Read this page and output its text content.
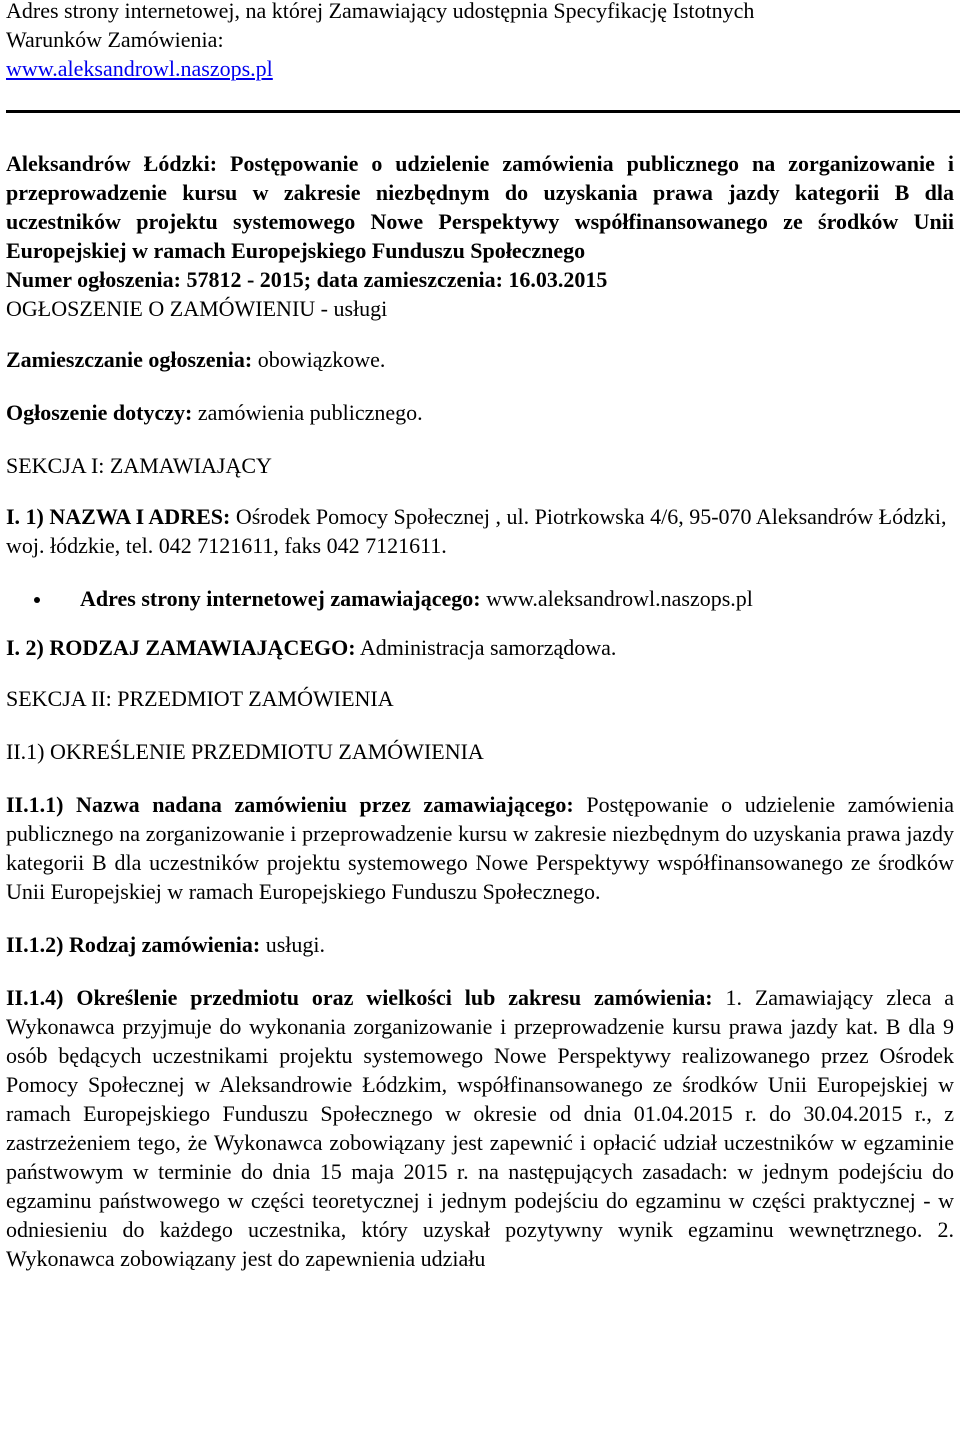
Adres strony internetowej, na której Zamawiający udostępnia Specyfikację Istotnych

Warunków Zamówienia:

www.aleksandrowl.naszops.pl

Aleksandrów Łódzki: Postępowanie o udzielenie zamówienia publicznego na zorganizowanie i przeprowadzenie kursu w zakresie niezbędnym do uzyskania prawa jazdy kategorii B dla uczestników projektu systemowego Nowe Perspektywy współfinansowanego ze środków Unii Europejskiej w ramach Europejskiego Funduszu Społecznego

Numer ogłoszenia: 57812 - 2015; data zamieszczenia: 16.03.2015

OGŁOSZENIE O ZAMÓWIENIU - usługi

Zamieszczanie ogłoszenia: obowiązkowe.

Ogłoszenie dotyczy: zamówienia publicznego.

SEKCJA I: ZAMAWIAJĄCY

I. 1) NAZWA I ADRES: Ośrodek Pomocy Społecznej , ul. Piotrkowska 4/6, 95-070 Aleksandrów Łódzki, woj. łódzkie, tel. 042 7121611, faks 042 7121611.

Adres strony internetowej zamawiającego: www.aleksandrowl.naszops.pl

I. 2) RODZAJ ZAMAWIAJĄCEGO: Administracja samorządowa.

SEKCJA II: PRZEDMIOT ZAMÓWIENIA

II.1) OKREŚLENIE PRZEDMIOTU ZAMÓWIENIA

II.1.1) Nazwa nadana zamówieniu przez zamawiającego: Postępowanie o udzielenie zamówienia publicznego na zorganizowanie i przeprowadzenie kursu w zakresie niezbędnym do uzyskania prawa jazdy kategorii B dla uczestników projektu systemowego Nowe Perspektywy współfinansowanego ze środków Unii Europejskiej w ramach Europejskiego Funduszu Społecznego.

II.1.2) Rodzaj zamówienia: usługi.

II.1.4) Określenie przedmiotu oraz wielkości lub zakresu zamówienia: 1. Zamawiający zleca a Wykonawca przyjmuje do wykonania zorganizowanie i przeprowadzenie kursu prawa jazdy kat. B dla 9 osób będących uczestnikami projektu systemowego Nowe Perspektywy realizowanego przez Ośrodek Pomocy Społecznej w Aleksandrowie Łódzkim, współfinansowanego ze środków Unii Europejskiej w ramach Europejskiego Funduszu Społecznego w okresie od dnia 01.04.2015 r. do 30.04.2015 r., z zastrzeżeniem tego, że Wykonawca zobowiązany jest zapewnić i opłacić udział uczestników w egzaminie państwowym w terminie do dnia 15 maja 2015 r. na następujących zasadach: w jednym podejściu do egzaminu państwowego w części teoretycznej i jednym podejściu do egzaminu w części praktycznej - w odniesieniu do każdego uczestnika, który uzyskał pozytywny wynik egzaminu wewnętrznego. 2. Wykonawca zobowiązany jest do zapewnienia udziału
